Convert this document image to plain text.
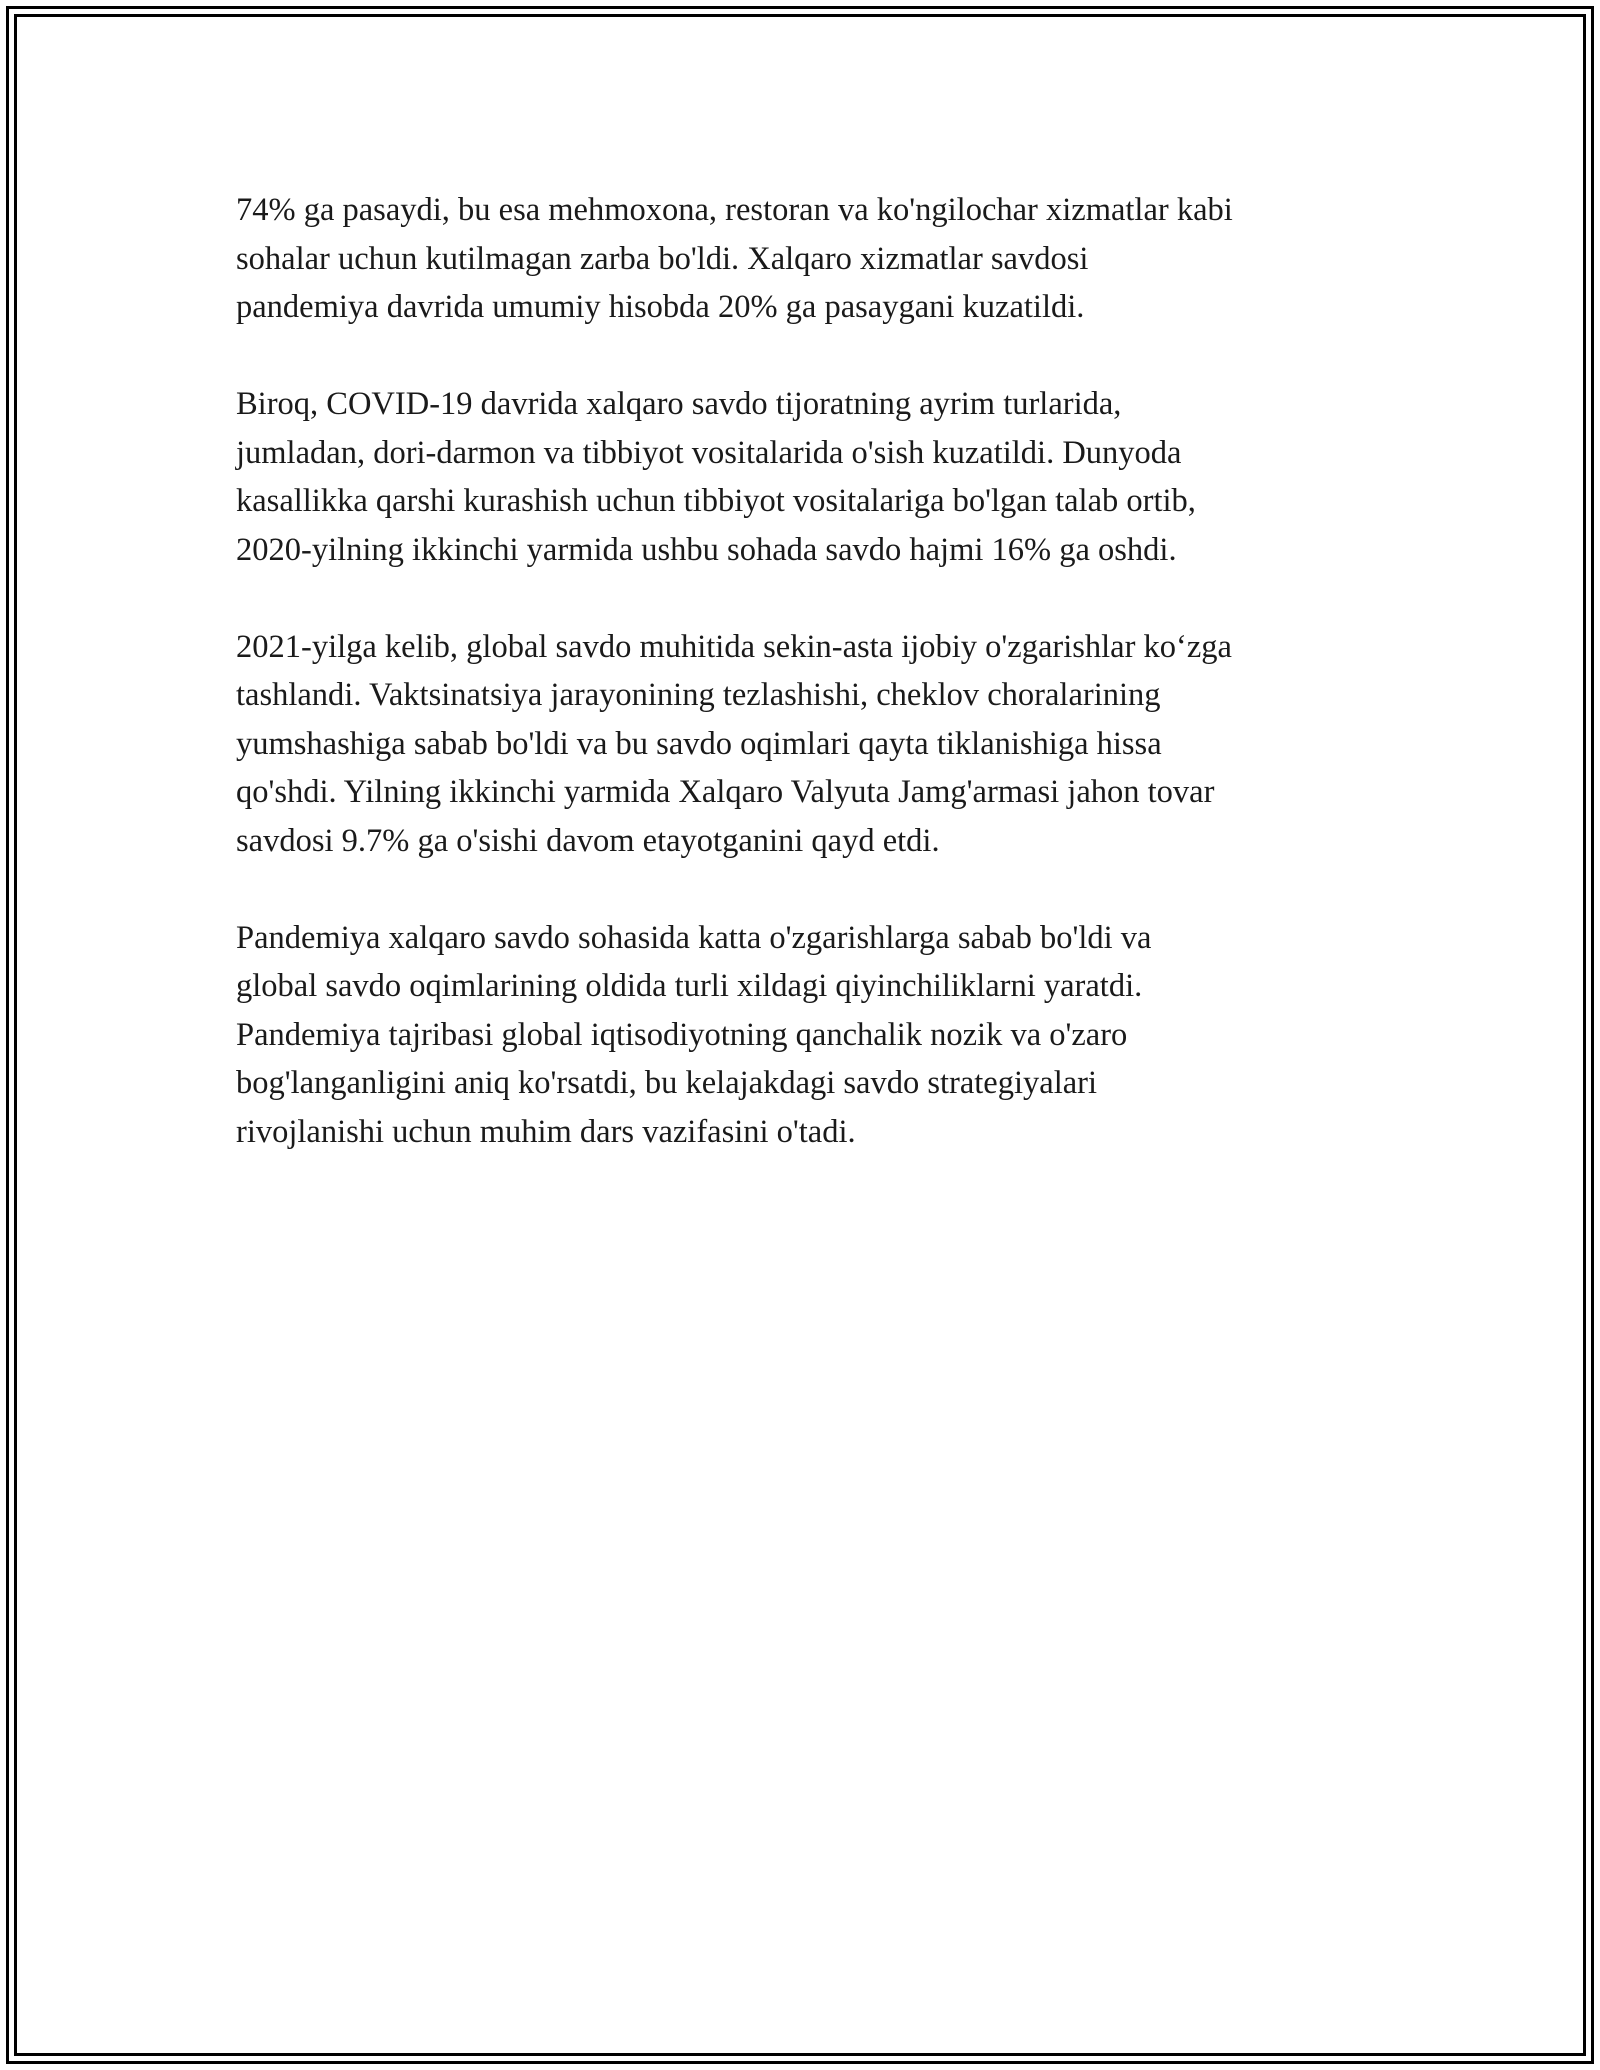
74% ga pasaydi, bu esa mehmoxona, restoran va ko'ngilochar xizmatlar kabi
sohalar uchun kutilmagan zarba bo'ldi. Xalqaro xizmatlar savdosi
pandemiya davrida umumiy hisobda 20% ga pasaygani kuzatildi.

Biroq, COVID-19 davrida xalqaro savdo tijoratning ayrim turlarida,
jumladan, dori-darmon va tibbiyot vositalarida o'sish kuzatildi. Dunyoda
kasallikka qarshi kurashish uchun tibbiyot vositalariga bo'lgan talab ortib,
2020-yilning ikkinchi yarmida ushbu sohada savdo hajmi 16% ga oshdi.

2021-yilga kelib, global savdo muhitida sekin-asta ijobiy o'zgarishlar ko‘zga
tashlandi. Vaktsinatsiya jarayonining tezlashishi, cheklov choralarining
yumshashiga sabab bo'ldi va bu savdo oqimlari qayta tiklanishiga hissa
qo'shdi. Yilning ikkinchi yarmida Xalqaro Valyuta Jamg'armasi jahon tovar
savdosi 9.7% ga o'sishi davom etayotganini qayd etdi.

Pandemiya xalqaro savdo sohasida katta o'zgarishlarga sabab bo'ldi va
global savdo oqimlarining oldida turli xildagi qiyinchiliklarni yaratdi.
Pandemiya tajribasi global iqtisodiyotning qanchalik nozik va o'zaro
bog'langanligini aniq ko'rsatdi, bu kelajakdagi savdo strategiyalari
rivojlanishi uchun muhim dars vazifasini o'tadi.
